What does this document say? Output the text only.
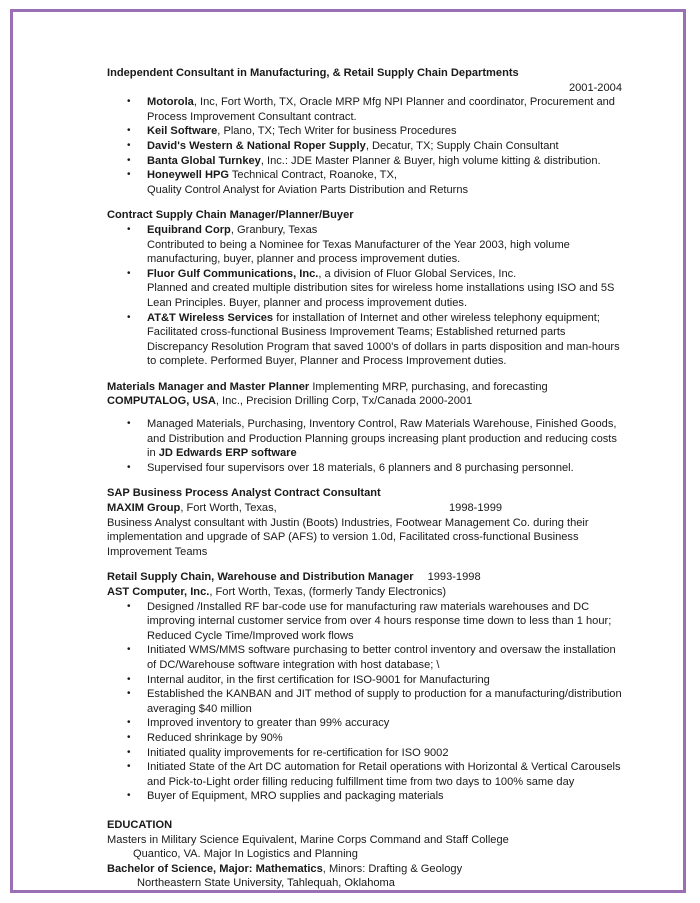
Independent Consultant in Manufacturing, & Retail Supply Chain Departments
2001-2004
• Motorola, Inc, Fort Worth, TX, Oracle MRP Mfg NPI Planner and coordinator, Procurement and
Process Improvement Consultant contract.
• Keil Software, Plano, TX; Tech Writer for business Procedures
• David's Western & National Roper Supply, Decatur, TX; Supply Chain Consultant
• Banta Global Turnkey, Inc.: JDE Master Planner & Buyer, high volume kitting & distribution.
• Honeywell HPG Technical Contract, Roanoke, TX,
Quality Control Analyst for Aviation Parts Distribution and Returns
Contract Supply Chain Manager/Planner/Buyer
• Equibrand Corp, Granbury, Texas
Contributed to being a Nominee for Texas Manufacturer of the Year 2003, high volume
manufacturing, buyer, planner and process improvement duties.
• Fluor Gulf Communications, Inc., a division of Fluor Global Services, Inc.
Planned and created multiple distribution sites for wireless home installations using ISO and 5S
Lean Principles. Buyer, planner and process improvement duties.
• AT&T Wireless Services for installation of Internet and other wireless telephony equipment;
Facilitated cross-functional Business Improvement Teams; Established returned parts
Discrepancy Resolution Program that saved 1000's of dollars in parts disposition and man-hours
to complete. Performed Buyer, Planner and Process Improvement duties.
Materials Manager and Master Planner Implementing MRP, purchasing, and forecasting
COMPUTALOG, USA, Inc., Precision Drilling Corp, Tx/Canada 2000-2001
• Managed Materials, Purchasing, Inventory Control, Raw Materials Warehouse, Finished Goods,
and Distribution and Production Planning groups increasing plant production and reducing costs
in JD Edwards ERP software
• Supervised four supervisors over 18 materials, 6 planners and 8 purchasing personnel.
SAP Business Process Analyst Contract Consultant
MAXIM Group, Fort Worth, Texas,	1998-1999
Business Analyst consultant with Justin (Boots) Industries, Footwear Management Co. during their
implementation and upgrade of SAP (AFS) to version 1.0d, Facilitated cross-functional Business
Improvement Teams
Retail Supply Chain, Warehouse and Distribution Manager 1993-1998
AST Computer, Inc., Fort Worth, Texas, (formerly Tandy Electronics)
• Designed /Installed RF bar-code use for manufacturing raw materials warehouses and DC
improving internal customer service from over 4 hours response time down to less than 1 hour;
Reduced Cycle Time/Improved work flows
• Initiated WMS/MMS software purchasing to better control inventory and oversaw the installation
of DC/Warehouse software integration with host database; \
• Internal auditor, in the first certification for ISO-9001 for Manufacturing
• Established the KANBAN and JIT method of supply to production for a manufacturing/distribution
averaging $40 million
• Improved inventory to greater than 99% accuracy
• Reduced shrinkage by 90%
• Initiated quality improvements for re-certification for ISO 9002
• Initiated State of the Art DC automation for Retail operations with Horizontal & Vertical Carousels
and Pick-to-Light order filling reducing fulfillment time from two days to 100% same day
• Buyer of Equipment, MRO supplies and packaging materials
EDUCATION
Masters in Military Science Equivalent, Marine Corps Command and Staff College
Quantico, VA. Major In Logistics and Planning
Bachelor of Science, Major: Mathematics, Minors: Drafting & Geology
Northeastern State University, Tahlequah, Oklahoma
